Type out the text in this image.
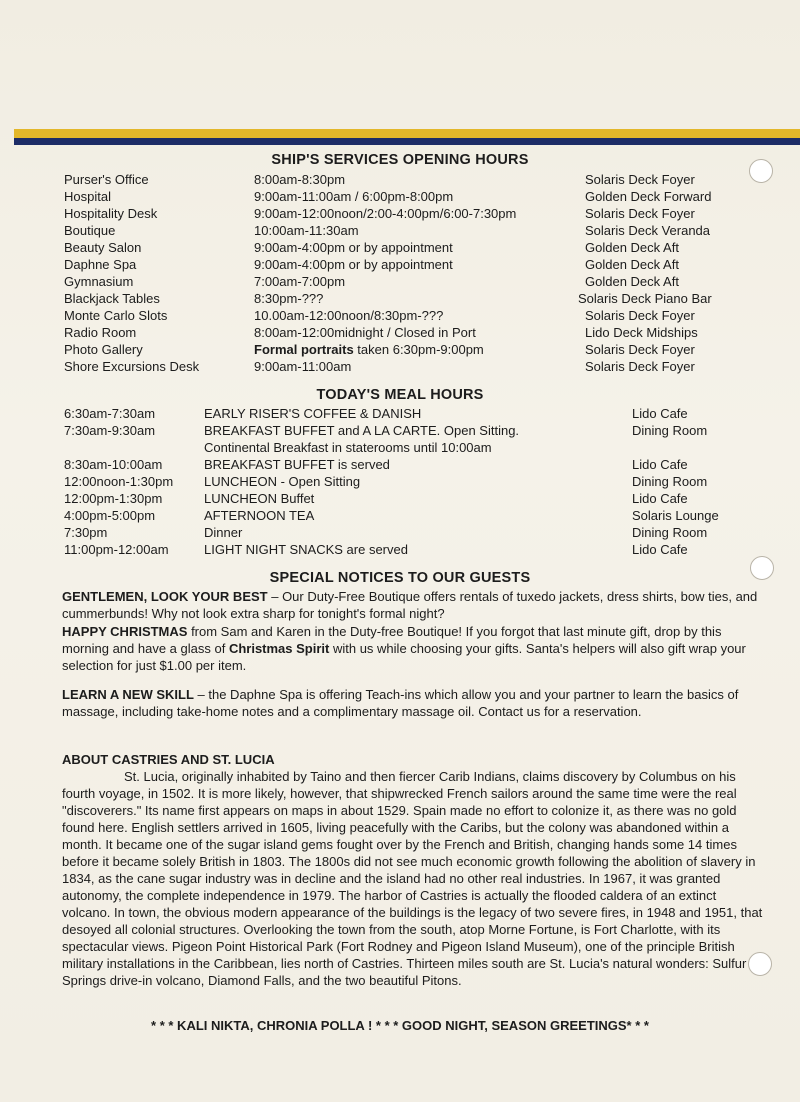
SHIP'S SERVICES OPENING HOURS
Purser's Office	8:00am-8:30pm	Solaris Deck Foyer
Hospital	9:00am-11:00am / 6:00pm-8:00pm	Golden Deck Forward
Hospitality Desk	9:00am-12:00noon/2:00-4:00pm/6:00-7:30pm	Solaris Deck Foyer
Boutique	10:00am-11:30am	Solaris Deck Veranda
Beauty Salon	9:00am-4:00pm or by appointment	Golden Deck Aft
Daphne Spa	9:00am-4:00pm or by appointment	Golden Deck Aft
Gymnasium	7:00am-7:00pm	Golden Deck Aft
Blackjack Tables	8:30pm-???	Solaris Deck Piano Bar
Monte Carlo Slots	10.00am-12:00noon/8:30pm-???	Solaris Deck Foyer
Radio Room	8:00am-12:00midnight / Closed in Port	Lido Deck Midships
Photo Gallery	Formal portraits taken 6:30pm-9:00pm	Solaris Deck Foyer
Shore Excursions Desk	9:00am-11:00am	Solaris Deck Foyer
TODAY'S MEAL HOURS
6:30am-7:30am	EARLY RISER'S COFFEE & DANISH	Lido Cafe
7:30am-9:30am	BREAKFAST BUFFET and A LA CARTE. Open Sitting.	Dining Room
Continental Breakfast in staterooms until 10:00am
8:30am-10:00am	BREAKFAST BUFFET is served	Lido Cafe
12:00noon-1:30pm LUNCHEON - Open Sitting	Dining Room
12:00pm-1:30pm	LUNCHEON Buffet	Lido Cafe
4:00pm-5:00pm	AFTERNOON TEA	Solaris Lounge
7:30pm	Dinner	Dining Room
11:00pm-12:00am	LIGHT NIGHT SNACKS are served	Lido Cafe
SPECIAL NOTICES TO OUR GUESTS
GENTLEMEN, LOOK YOUR BEST – Our Duty-Free Boutique offers rentals of tuxedo jackets, dress shirts, bow ties, and cummerbunds! Why not look extra sharp for tonight's formal night?
HAPPY CHRISTMAS from Sam and Karen in the Duty-free Boutique! If you forgot that last minute gift, drop by this morning and have a glass of Christmas Spirit with us while choosing your gifts. Santa's helpers will also gift wrap your selection for just $1.00 per item.
LEARN A NEW SKILL – the Daphne Spa is offering Teach-ins which allow you and your partner to learn the basics of massage, including take-home notes and a complimentary massage oil. Contact us for a reservation.
ABOUT CASTRIES AND ST. LUCIA
St. Lucia, originally inhabited by Taino and then fiercer Carib Indians, claims discovery by Columbus on his fourth voyage, in 1502. It is more likely, however, that shipwrecked French sailors around the same time were the real "discoverers." Its name first appears on maps in about 1529. Spain made no effort to colonize it, as there was no gold found here. English settlers arrived in 1605, living peacefully with the Caribs, but the colony was abandoned within a month. It became one of the sugar island gems fought over by the French and British, changing hands some 14 times before it became solely British in 1803. The 1800s did not see much economic growth following the abolition of slavery in 1834, as the cane sugar industry was in decline and the island had no other real industries. In 1967, it was granted autonomy, the complete independence in 1979. The harbor of Castries is actually the flooded caldera of an extinct volcano. In town, the obvious modern appearance of the buildings is the legacy of two severe fires, in 1948 and 1951, that desoyed all colonial structures. Overlooking the town from the south, atop Morne Fortune, is Fort Charlotte, with its spectacular views. Pigeon Point Historical Park (Fort Rodney and Pigeon Island Museum), one of the principle British military installations in the Caribbean, lies north of Castries. Thirteen miles south are St. Lucia's natural wonders: Sulfur Springs drive-in volcano, Diamond Falls, and the two beautiful Pitons.
* * * KALI NIKTA, CHRONIA POLLA ! * * * GOOD NIGHT, SEASON GREETINGS* * *
